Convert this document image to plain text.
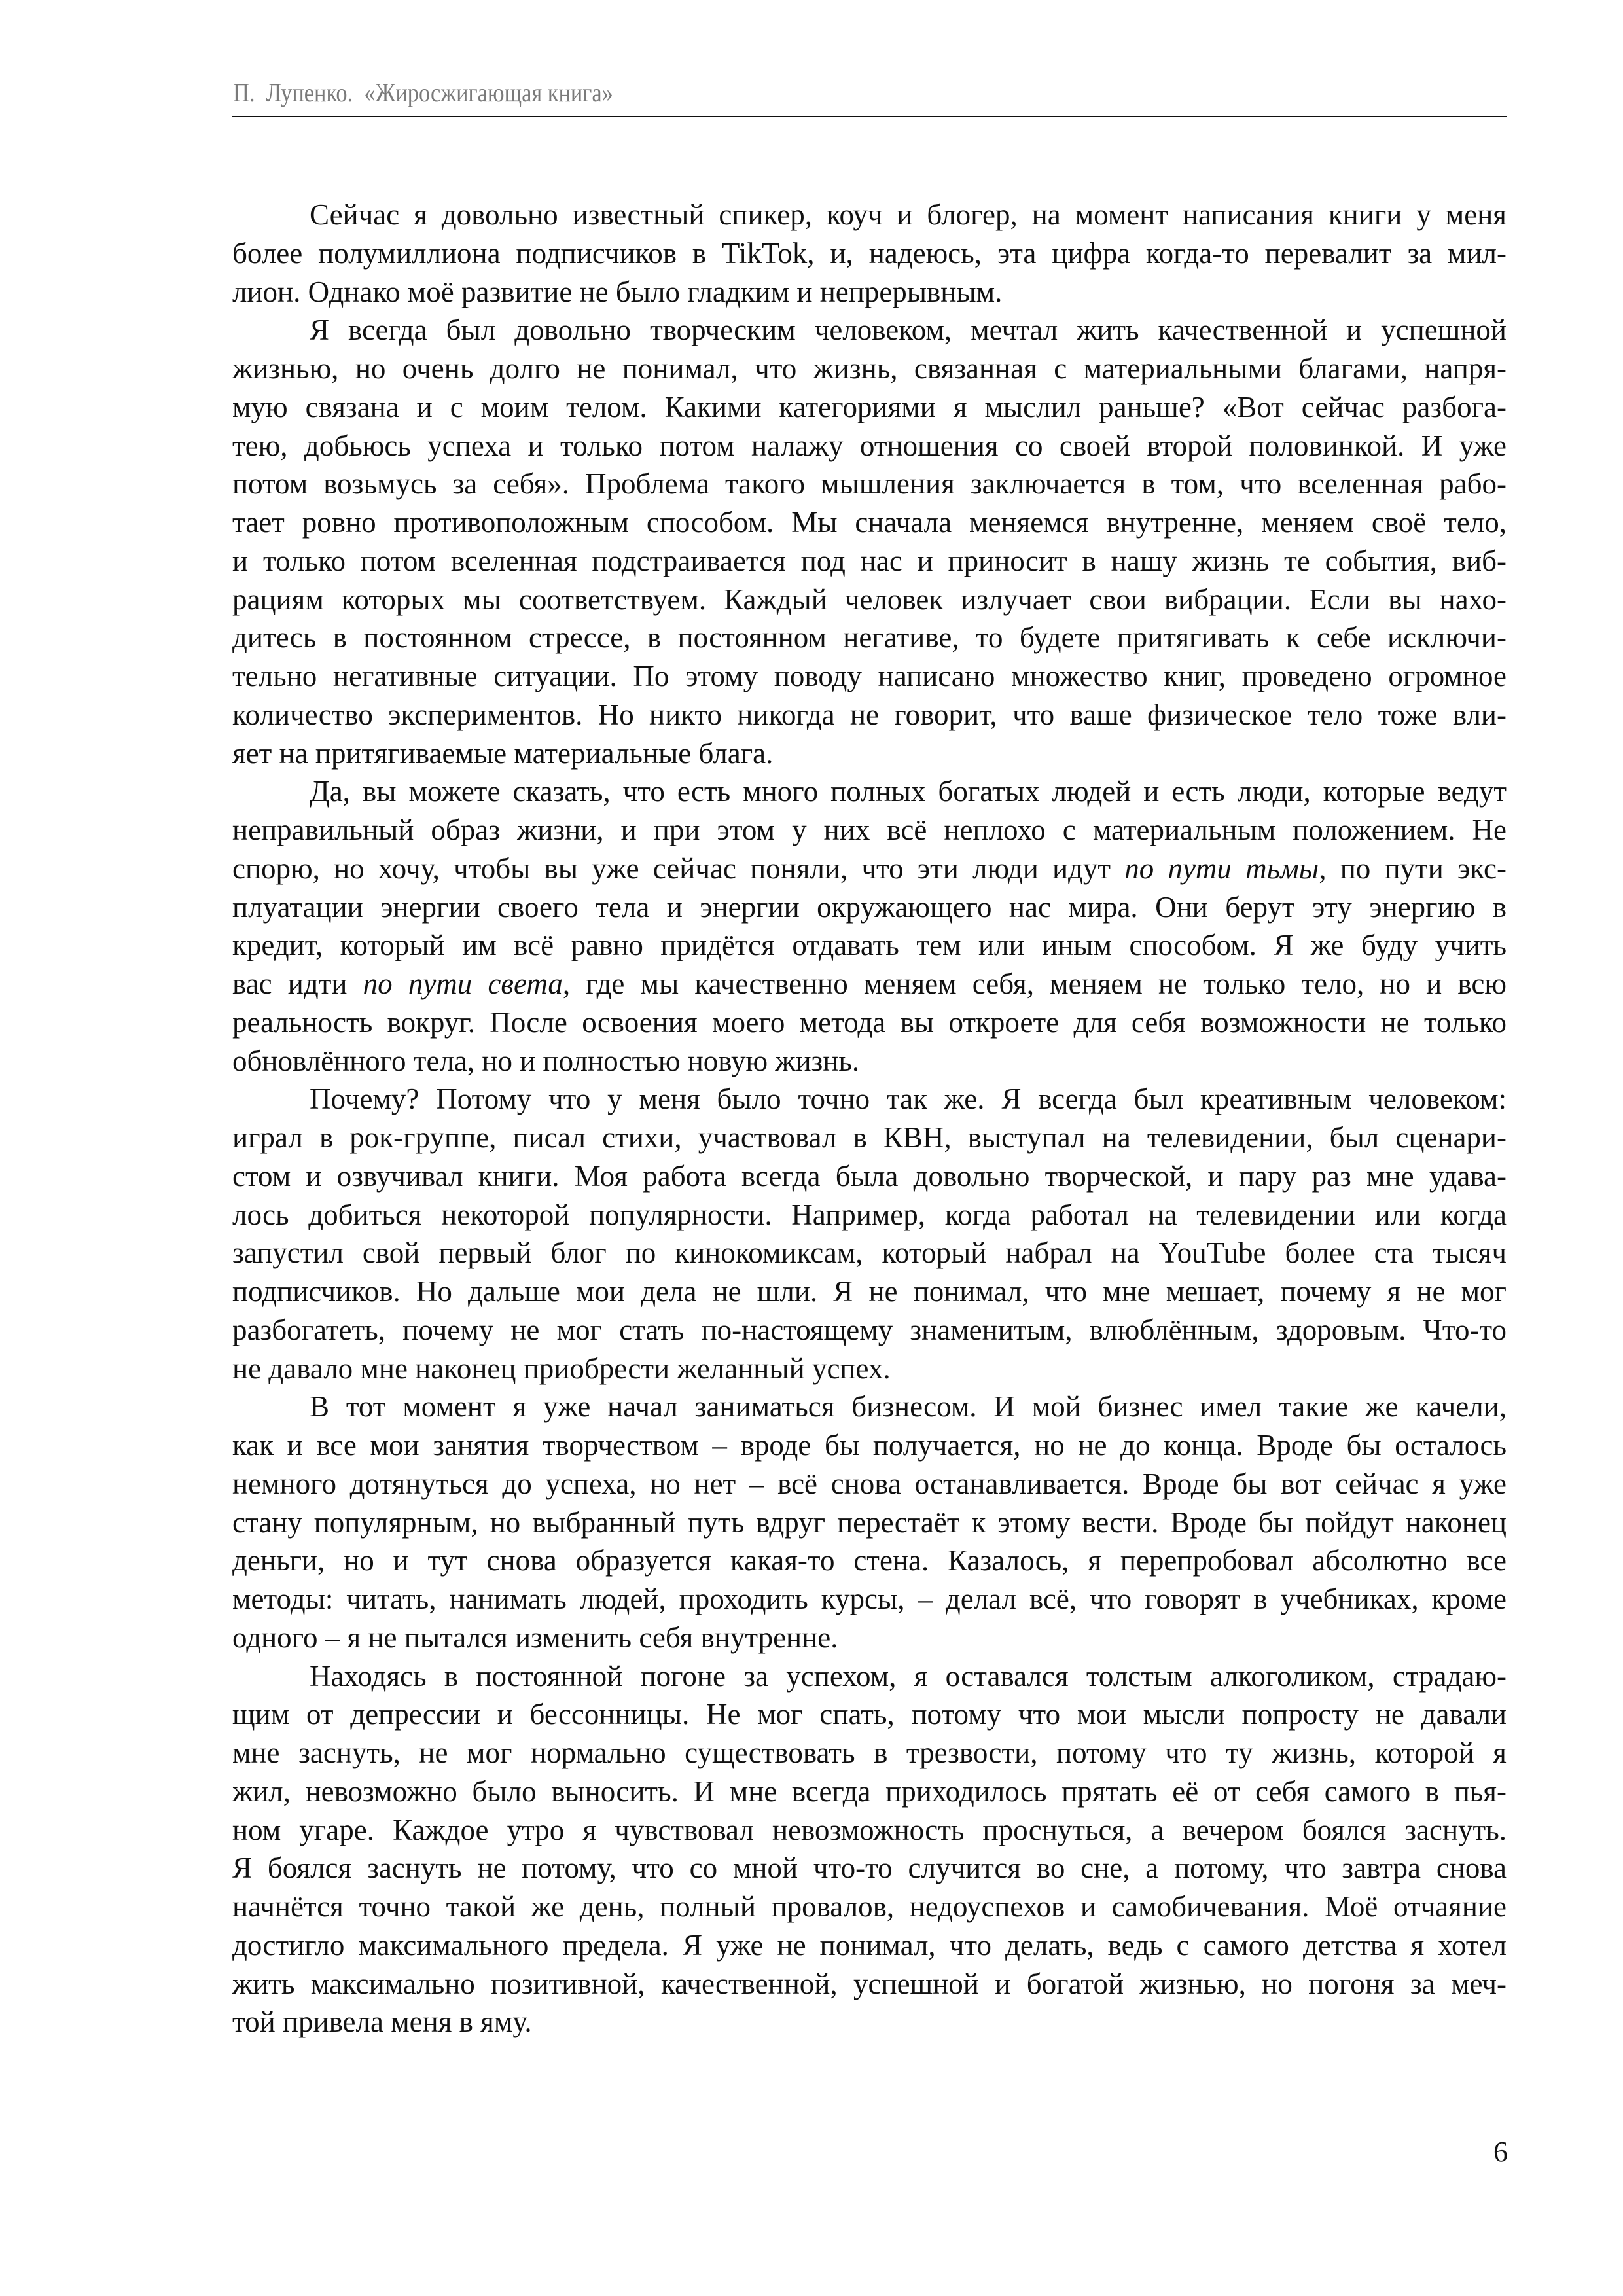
П.  Лупенко.  «Жиросжигающая книга»
Сейчас я довольно известный спикер, коуч и блогер, на момент написания книги у меня
более полумиллиона подписчиков в TikTok, и, надеюсь, эта цифра когда-то перевалит за мил-
лион. Однако моё развитие не было гладким и непрерывным.
Я всегда был довольно творческим человеком, мечтал жить качественной и успешной
жизнью, но очень долго не понимал, что жизнь, связанная с материальными благами, напря-
мую связана и с моим телом. Какими категориями я мыслил раньше? «Вот сейчас разбога-
тею, добьюсь успеха и только потом налажу отношения со своей второй половинкой. И уже
потом возьмусь за себя». Проблема такого мышления заключается в том, что вселенная рабо-
тает ровно противоположным способом. Мы сначала меняемся внутренне, меняем своё тело,
и только потом вселенная подстраивается под нас и приносит в нашу жизнь те события, виб-
рациям которых мы соответствуем. Каждый человек излучает свои вибрации. Если вы нахо-
дитесь в постоянном стрессе, в постоянном негативе, то будете притягивать к себе исключи-
тельно негативные ситуации. По этому поводу написано множество книг, проведено огромное
количество экспериментов. Но никто никогда не говорит, что ваше физическое тело тоже вли-
яет на притягиваемые материальные блага.
Да, вы можете сказать, что есть много полных богатых людей и есть люди, которые ведут
неправильный образ жизни, и при этом у них всё неплохо с материальным положением. Не
спорю, но хочу, чтобы вы уже сейчас поняли, что эти люди идут по пути тьмы, по пути экс-
плуатации энергии своего тела и энергии окружающего нас мира. Они берут эту энергию в
кредит, который им всё равно придётся отдавать тем или иным способом. Я же буду учить
вас идти по пути света, где мы качественно меняем себя, меняем не только тело, но и всю
реальность вокруг. После освоения моего метода вы откроете для себя возможности не только
обновлённого тела, но и полностью новую жизнь.
Почему? Потому что у меня было точно так же. Я всегда был креативным человеком:
играл в рок-группе, писал стихи, участвовал в КВН, выступал на телевидении, был сценари-
стом и озвучивал книги. Моя работа всегда была довольно творческой, и пару раз мне удава-
лось добиться некоторой популярности. Например, когда работал на телевидении или когда
запустил свой первый блог по кинокомиксам, который набрал на YouTube более ста тысяч
подписчиков. Но дальше мои дела не шли. Я не понимал, что мне мешает, почему я не мог
разбогатеть, почему не мог стать по-настоящему знаменитым, влюблённым, здоровым. Что-то
не давало мне наконец приобрести желанный успех.
В тот момент я уже начал заниматься бизнесом. И мой бизнес имел такие же качели,
как и все мои занятия творчеством – вроде бы получается, но не до конца. Вроде бы осталось
немного дотянуться до успеха, но нет – всё снова останавливается. Вроде бы вот сейчас я уже
стану популярным, но выбранный путь вдруг перестаёт к этому вести. Вроде бы пойдут наконец
деньги, но и тут снова образуется какая-то стена. Казалось, я перепробовал абсолютно все
методы: читать, нанимать людей, проходить курсы, – делал всё, что говорят в учебниках, кроме
одного – я не пытался изменить себя внутренне.
Находясь в постоянной погоне за успехом, я оставался толстым алкоголиком, страдаю-
щим от депрессии и бессонницы. Не мог спать, потому что мои мысли попросту не давали
мне заснуть, не мог нормально существовать в трезвости, потому что ту жизнь, которой я
жил, невозможно было выносить. И мне всегда приходилось прятать её от себя самого в пья-
ном угаре. Каждое утро я чувствовал невозможность проснуться, а вечером боялся заснуть.
Я боялся заснуть не потому, что со мной что-то случится во сне, а потому, что завтра снова
начнётся точно такой же день, полный провалов, недоуспехов и самобичевания. Моё отчаяние
достигло максимального предела. Я уже не понимал, что делать, ведь с самого детства я хотел
жить максимально позитивной, качественной, успешной и богатой жизнью, но погоня за меч-
той привела меня в яму.
6
